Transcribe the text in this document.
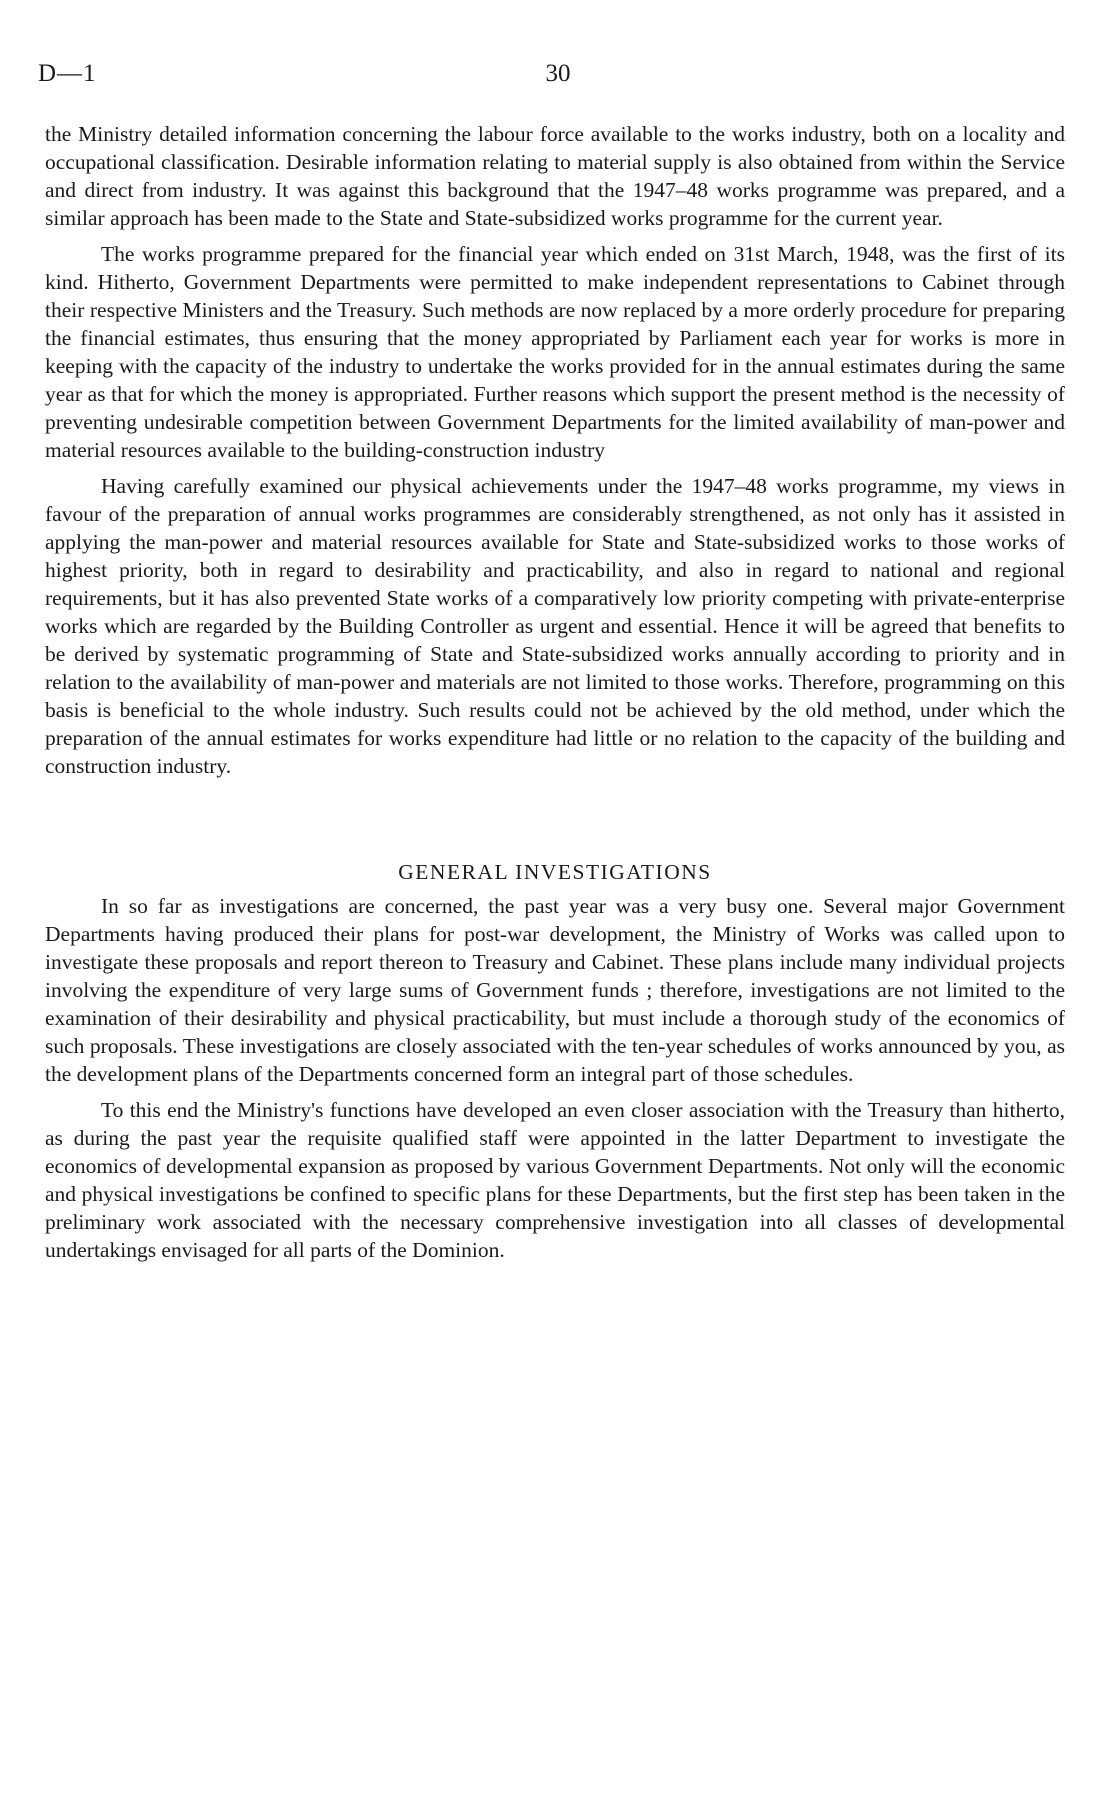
D—1	30

the Ministry detailed information concerning the labour force available to the works industry, both on a locality and occupational classification. Desirable information relating to material supply is also obtained from within the Service and direct from industry. It was against this background that the 1947–48 works programme was prepared, and a similar approach has been made to the State and State-subsidized works programme for the current year.

The works programme prepared for the financial year which ended on 31st March, 1948, was the first of its kind. Hitherto, Government Departments were permitted to make independent representations to Cabinet through their respective Ministers and the Treasury. Such methods are now replaced by a more orderly procedure for preparing the financial estimates, thus ensuring that the money appropriated by Parliament each year for works is more in keeping with the capacity of the industry to undertake the works provided for in the annual estimates during the same year as that for which the money is appropriated. Further reasons which support the present method is the necessity of preventing undesirable competition between Government Departments for the limited availability of man-power and material resources available to the building-construction industry

Having carefully examined our physical achievements under the 1947–48 works programme, my views in favour of the preparation of annual works programmes are considerably strengthened, as not only has it assisted in applying the man-power and material resources available for State and State-subsidized works to those works of highest priority, both in regard to desirability and practicability, and also in regard to national and regional requirements, but it has also prevented State works of a comparatively low priority competing with private-enterprise works which are regarded by the Building Controller as urgent and essential. Hence it will be agreed that benefits to be derived by systematic programming of State and State-subsidized works annually according to priority and in relation to the availability of man-power and materials are not limited to those works. Therefore, programming on this basis is beneficial to the whole industry. Such results could not be achieved by the old method, under which the preparation of the annual estimates for works expenditure had little or no relation to the capacity of the building and construction industry.

GENERAL INVESTIGATIONS

In so far as investigations are concerned, the past year was a very busy one. Several major Government Departments having produced their plans for post-war development, the Ministry of Works was called upon to investigate these proposals and report thereon to Treasury and Cabinet. These plans include many individual projects involving the expenditure of very large sums of Government funds ; therefore, investigations are not limited to the examination of their desirability and physical practicability, but must include a thorough study of the economics of such proposals. These investigations are closely associated with the ten-year schedules of works announced by you, as the development plans of the Departments concerned form an integral part of those schedules.

To this end the Ministry's functions have developed an even closer association with the Treasury than hitherto, as during the past year the requisite qualified staff were appointed in the latter Department to investigate the economics of developmental expansion as proposed by various Government Departments. Not only will the economic and physical investigations be confined to specific plans for these Departments, but the first step has been taken in the preliminary work associated with the necessary comprehensive investigation into all classes of developmental undertakings envisaged for all parts of the Dominion.
